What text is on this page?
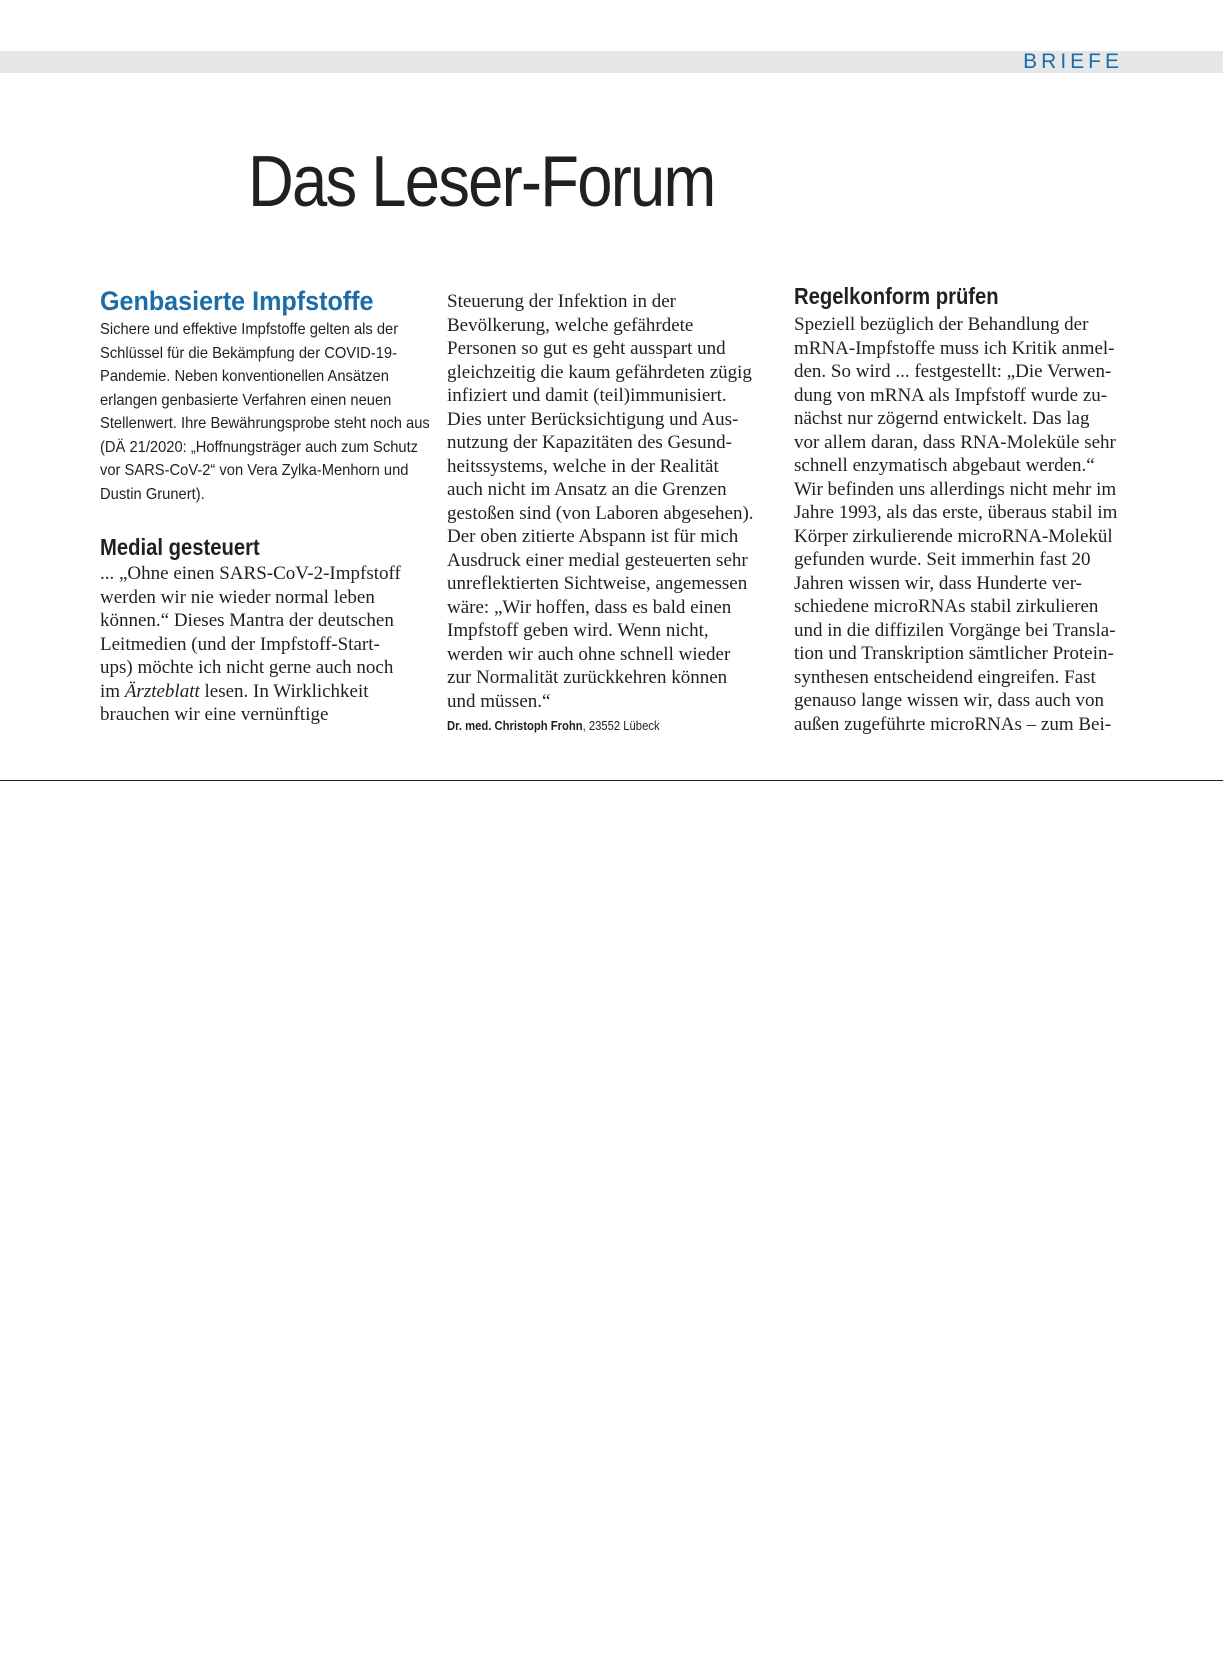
BRIEFE
Das Leser-Forum
Genbasierte Impfstoffe

Sichere und effektive Impfstoffe gelten als der Schlüssel für die Bekämpfung der COVID-19-Pandemie. Neben konventionellen Ansätzen erlangen genbasierte Verfahren einen neuen Stellenwert. Ihre Bewährungsprobe steht noch aus (DÄ 21/2020: „Hoffnungsträger auch zum Schutz vor SARS-CoV-2“ von Vera Zylka-Menhorn und Dustin Grunert).

Medial gesteuert

... „Ohne einen SARS-CoV-2-Impfstoff
werden wir nie wieder normal leben
können.“ Dieses Mantra der deutschen
Leitmedien (und der Impfstoff-Start-
ups) möchte ich nicht gerne auch noch
im Ärzteblatt lesen. In Wirklichkeit
brauchen wir eine vernünftige

Steuerung der Infektion in der
Bevölkerung, welche gefährdete
Personen so gut es geht ausspart und
gleichzeitig die kaum gefährdeten zügig
infiziert und damit (teil)immunisiert.
Dies unter Berücksichtigung und Aus-
nutzung der Kapazitäten des Gesund-
heitssystems, welche in der Realität
auch nicht im Ansatz an die Grenzen
gestoßen sind (von Laboren abgesehen).
Der oben zitierte Abspann ist für mich
Ausdruck einer medial gesteuerten sehr
unreflektierten Sichtweise, angemessen
wäre: „Wir hoffen, dass es bald einen
Impfstoff geben wird. Wenn nicht,
werden wir auch ohne schnell wieder
zur Normalität zurückkehren können
und müssen.“

Dr. med. Christoph Frohn, 23552 Lübeck

Regelkonform prüfen

Speziell bezüglich der Behandlung der
mRNA-Impfstoffe muss ich Kritik anmel-
den. So wird ... festgestellt: „Die Verwen-
dung von mRNA als Impfstoff wurde zu-
nächst nur zögernd entwickelt. Das lag
vor allem daran, dass RNA-Moleküle sehr
schnell enzymatisch abgebaut werden.“
Wir befinden uns allerdings nicht mehr im
Jahre 1993, als das erste, überaus stabil im
Körper zirkulierende microRNA-Molekül
gefunden wurde. Seit immerhin fast 20
Jahren wissen wir, dass Hunderte ver-
schiedene microRNAs stabil zirkulieren
und in die diffizilen Vorgänge bei Transla-
tion und Transkription sämtlicher Protein-
synthesen entscheidend eingreifen. Fast
genauso lange wissen wir, dass auch von
außen zugeführte microRNAs – zum Bei-
